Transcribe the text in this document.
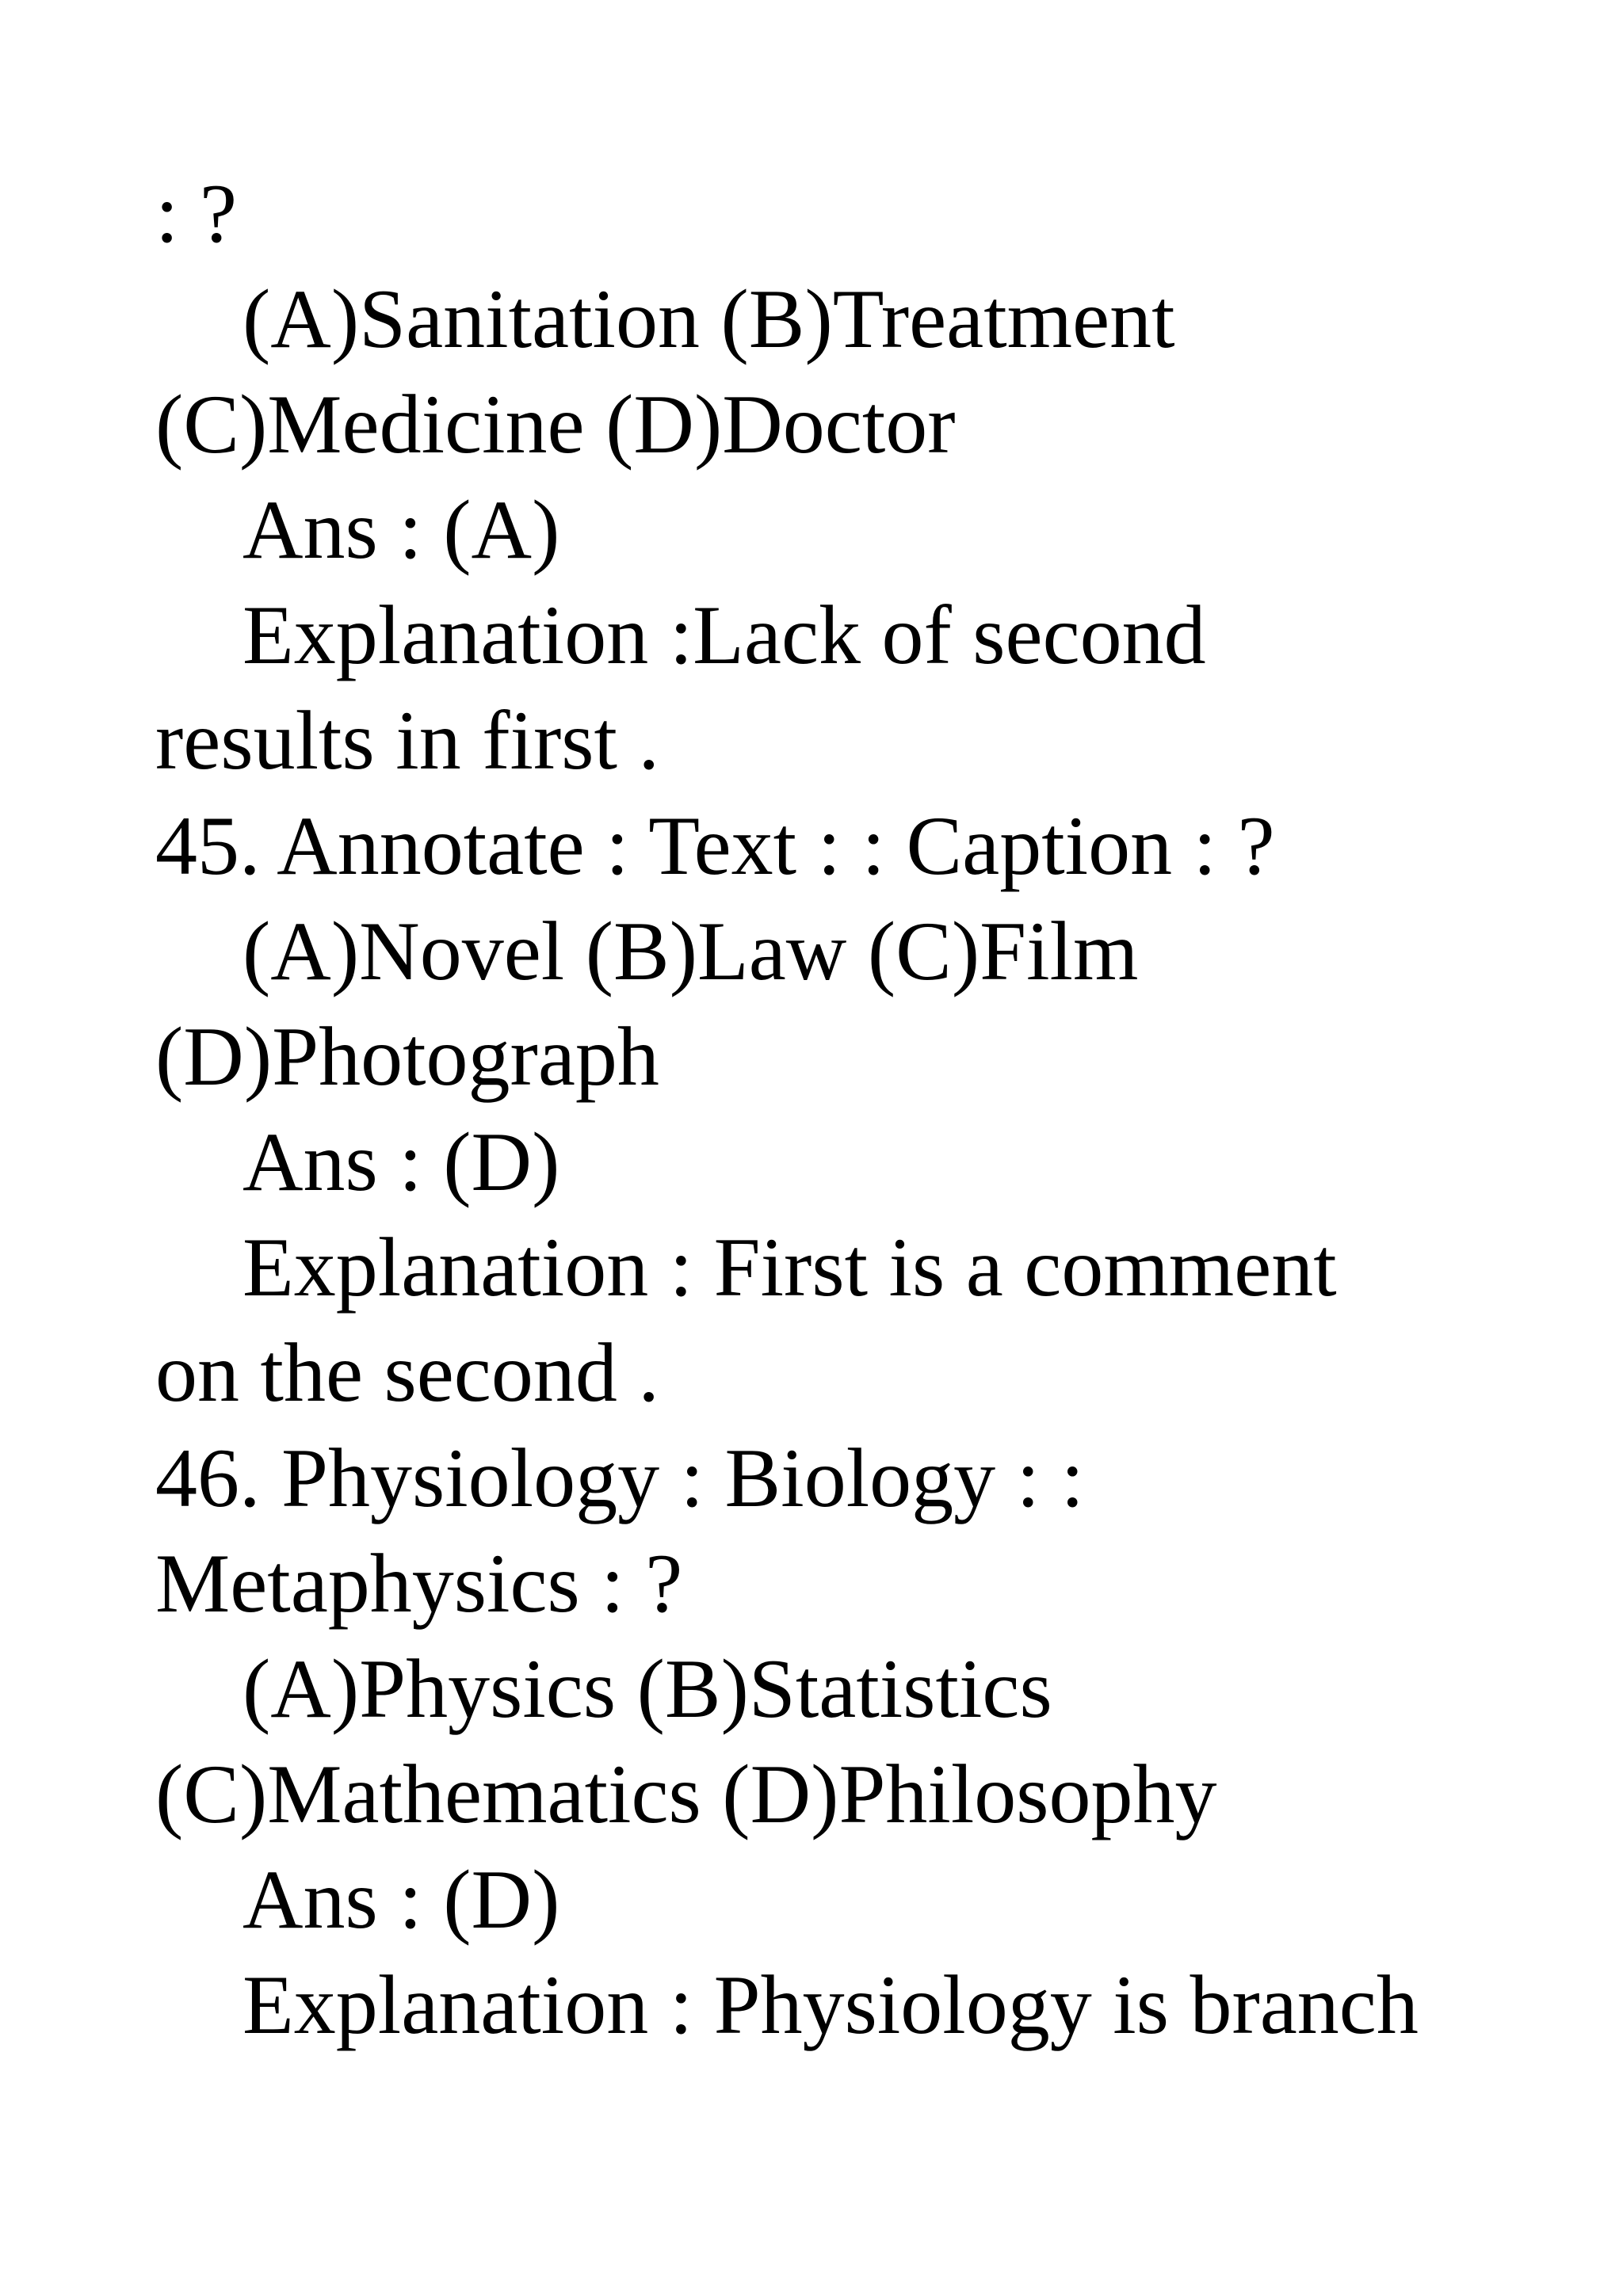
: ?
(A)Sanitation (B)Treatment
(C)Medicine (D)Doctor
Ans : (A)
Explanation :Lack of second
results in first .
45. Annotate : Text : : Caption : ?
(A)Novel (B)Law (C)Film
(D)Photograph
Ans : (D)
Explanation : First is a comment
on the second .
46. Physiology : Biology : :
Metaphysics : ?
(A)Physics (B)Statistics
(C)Mathematics (D)Philosophy
Ans : (D)
Explanation : Physiology is branch
